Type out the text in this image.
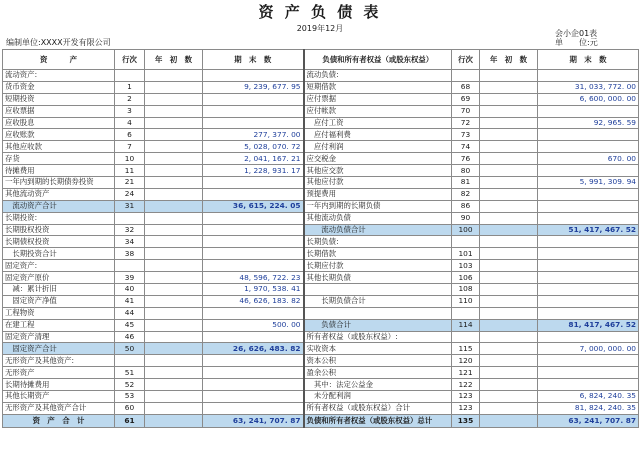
资 产 负 债 表
2019年12月
会小企01表
编制单位:XXXX开发有限公司	单　　位:元
资　　　产	行次	年　初　数	期　末　数	负债和所有者权益（或股东权益）	行次	年　初　数	期　末　数
流动资产:				流动负债:			
货币资金	1		9, 239, 677. 95	短期借款	68		31, 033, 772. 00
短期投资	2			应付票据	69		6, 600, 000. 00
应收票据	3			应付帐款	70		
应收股息	4			　应付工资	72		92, 965. 59
应收账款	6		277, 377. 00	　应付福利费	73		
其他应收款	7		5, 028, 070. 72	　应付利润	74		
存货	10		2, 041, 167. 21	应交税金	76		670. 00
待摊费用	11		1, 228, 931. 17	其他应交款	80		
一年内到期的长期债券投资	21			其他应付款	81		5, 991, 309. 94
其他流动资产	24			预提费用	82		
　流动资产合计	31		36, 615, 224. 05	一年内到期的长期负债	86		
长期投资:				其他流动负债	90		
长期股权投资	32			　　流动负债合计	100		51, 417, 467. 52
长期债权投资	34			长期负债:			
　长期投资合计	38			长期借款	101		
固定资产:				长期应付款	103		
固定资产原价	39		48, 596, 722. 23	其他长期负债	106		
　减：累计折旧	40		1, 970, 538. 41		108		
　固定资产净值	41		46, 626, 183. 82	　　长期负债合计	110		
工程物资	44						
在建工程	45		500. 00	　　负债合计	114		81, 417, 467. 52
固定资产清理	46			所有者权益（或股东权益）:			
　固定资产合计	50		26, 626, 483. 82	实收资本	115		7, 000, 000. 00
无形资产及其他资产:				资本公积	120		
无形资产	51			盈余公积	121		
长期待摊费用	52			　其中：法定公益金	122		
其他长期资产	53			　未分配利润	123		6, 824, 240. 35
无形资产及其他资产合计	60			所有者权益（或股东权益）合计	123		81, 824, 240. 35
资　产　合　计	61		63, 241, 707. 87	负债和所有者权益（或股东权益）总计	135		63, 241, 707. 87
